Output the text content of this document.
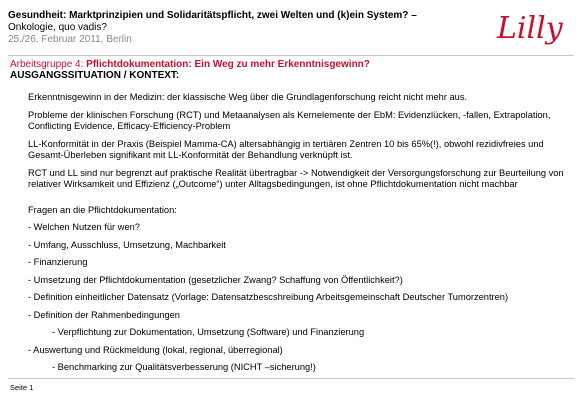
Gesundheit: Marktprinzipien und Solidaritätspflicht, zwei Welten und (k)ein System? –
Onkologie, quo vadis?
25./26. Februar 2011, Berlin	Lilly
Arbeitsgruppe 4: Pflichtdokumentation: Ein Weg zu mehr Erkenntnisgewinn?
AUSGANGSSITUATION / KONTEXT:
Erkenntnisgewinn in der Medizin: der klassische Weg über die Grundlagenforschung reicht nicht mehr aus.
Probleme der klinischen Forschung (RCT) und Metaanalysen als Kernelemente der EbM: Evidenzlücken, -fallen, Extrapolation, Conflicting Evidence, Efficacy-Efficiency-Problem
LL-Konformität in der Praxis (Beispiel Mamma-CA) altersabhängig in tertiären Zentren 10 bis 65%(!), obwohl rezidivfreies und Gesamt-Überleben signifikant mit LL-Konformität der Behandlung verknüpft ist.
RCT und LL sind nur begrenzt auf praktische Realität übertragbar -> Notwendigkeit der Versorgungsforschung zur Beurteilung von relativer Wirksamkeit und Effizienz („Outcome“) unter Alltagsbedingungen, ist ohne Pflichtdokumentation nicht machbar
Fragen an die Pflichtdokumentation:
- Welchen Nutzen für wen?
- Umfang, Ausschluss, Umsetzung, Machbarkeit
- Finanzierung
- Umsetzung der Pflichtdokumentation (gesetzlicher Zwang? Schaffung von Öffentlichkeit?)
- Definition einheitlicher Datensatz (Vorlage: Datensatzbescshreibung Arbeitsgemeinschaft Deutscher Tumorzentren)
- Definition der Rahmenbedingungen
- Verpflichtung zur Dokumentation, Umsetzung (Software) und Finanzierung
- Auswertung und Rückmeldung (lokal, regional, überregional)
- Benchmarking zur Qualitätsverbesserung (NICHT –sicherung!)
Seite 1
